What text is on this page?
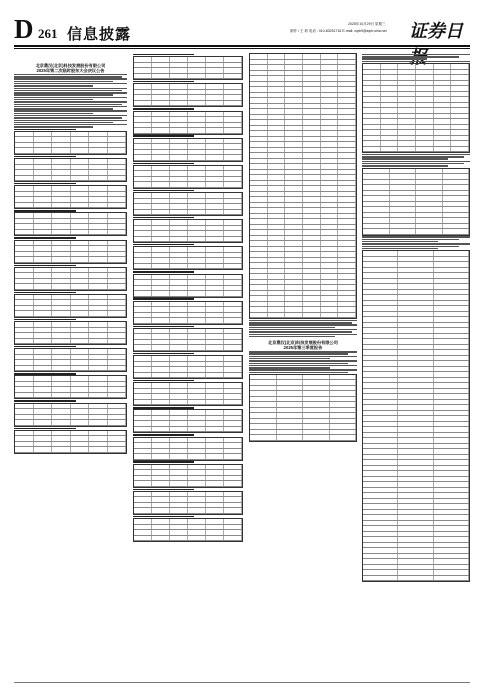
D 261 信息披露
2025年10月29日 星期三
制作 / 王 莉 电话 : 010-83251716 E-mail: zqrb9@zqrb.sina.net 证券日
北京鼎汉(北京)科技发展股份有限公司
2025年第二次临时股东大会决议公告
北京鼎汉(北京)科技发展股份有限公司
2025年第三季度报告
